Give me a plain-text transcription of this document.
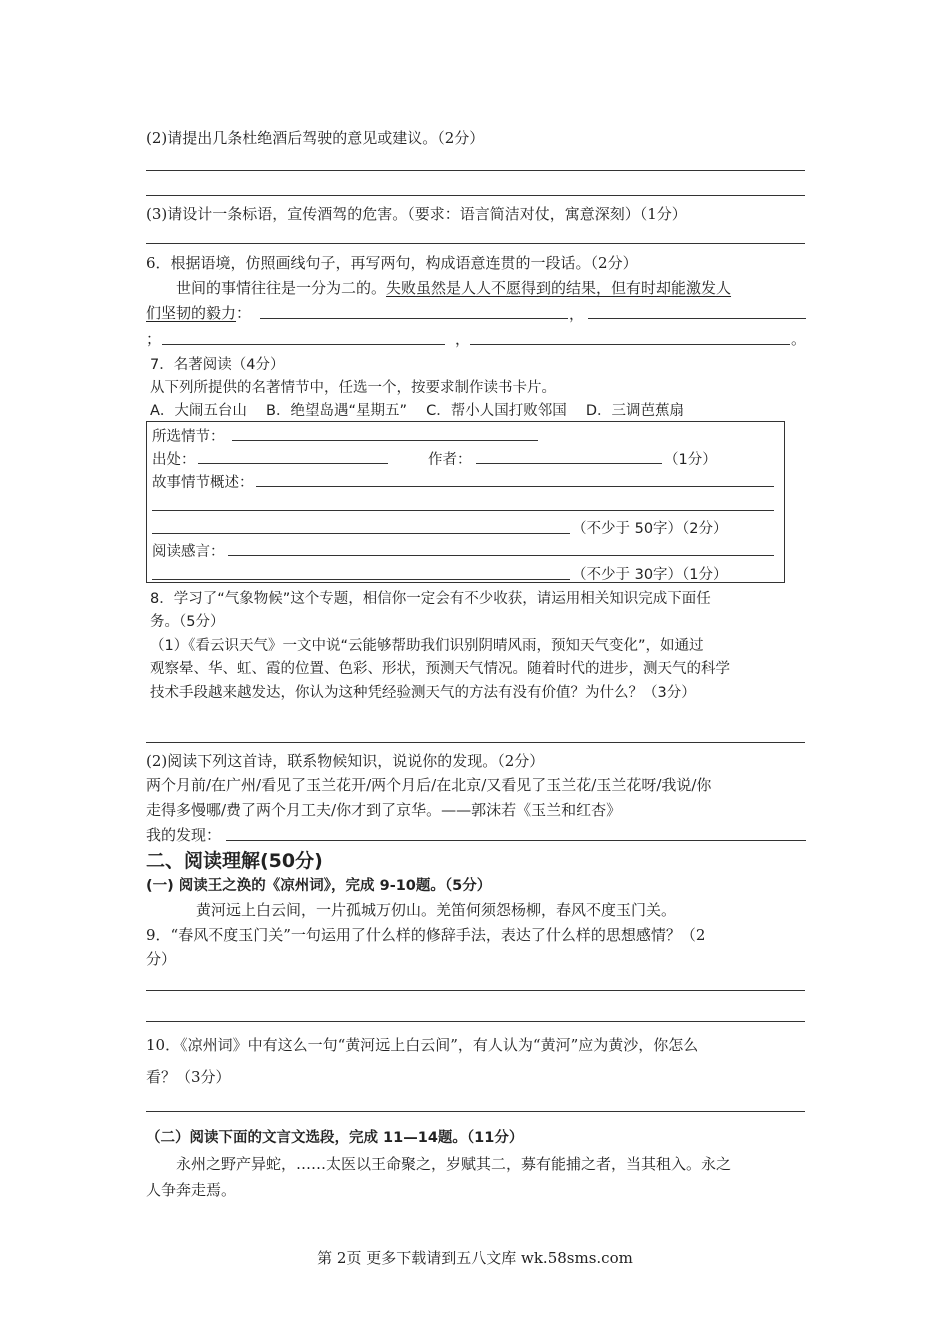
(2)请提出几条杜绝酒后驾驶的意见或建议。（2分）
(3)请设计一条标语，宣传酒驾的危害。（要求：语言简洁对仗，寓意深刻）（1分）
6．根据语境，仿照画线句子，再写两句，构成语意连贯的一段话。（2分）
世间的事情往往是一分为二的。失败虽然是人人不愿得到的结果，但有时却能激发人
们坚韧的毅力：	，
；	，	。
7．名著阅读（4分）
从下列所提供的名著情节中，任选一个，按要求制作读书卡片。
A．大闹五台山　 B．绝望岛遇“星期五”　 C．帮小人国打败邻国　 D．三调芭蕉扇
所选情节：
出处：	作者：	（1分）
故事情节概述：
（不少于 50字）（2分）
阅读感言：
（不少于 30字）（1分）
8．学习了“气象物候”这个专题，相信你一定会有不少收获，请运用相关知识完成下面任
务。（5分）
（1）《看云识天气》一文中说“云能够帮助我们识别阴晴风雨，预知天气变化”，如通过
观察晕、华、虹、霞的位置、色彩、形状，预测天气情况。随着时代的进步，测天气的科学
技术手段越来越发达，你认为这种凭经验测天气的方法有没有价值？为什么？（3分）
(2)阅读下列这首诗，联系物候知识，说说你的发现。（2分）
两个月前/在广州/看见了玉兰花开/两个月后/在北京/又看见了玉兰花/玉兰花呀/我说/你
走得多慢哪/费了两个月工夫/你才到了京华。——郭沫若《玉兰和红杏》
我的发现：
二、阅读理解(50分)
(一) 阅读王之涣的《凉州词》，完成 9-10题。（5分）
黄河远上白云间，一片孤城万仞山。羌笛何须怨杨柳，春风不度玉门关。
9．“春风不度玉门关”一句运用了什么样的修辞手法，表达了什么样的思想感情？（2
分）
10．《凉州词》中有这么一句“黄河远上白云间”，有人认为“黄河”应为黄沙，你怎么
看？（3分）
（二）阅读下面的文言文选段，完成 11—14题。（11分）
永州之野产异蛇，……太医以王命聚之，岁赋其二，募有能捕之者，当其租入。永之
人争奔走焉。
第 2页 更多下载请到五八文库 wk.58sms.com
